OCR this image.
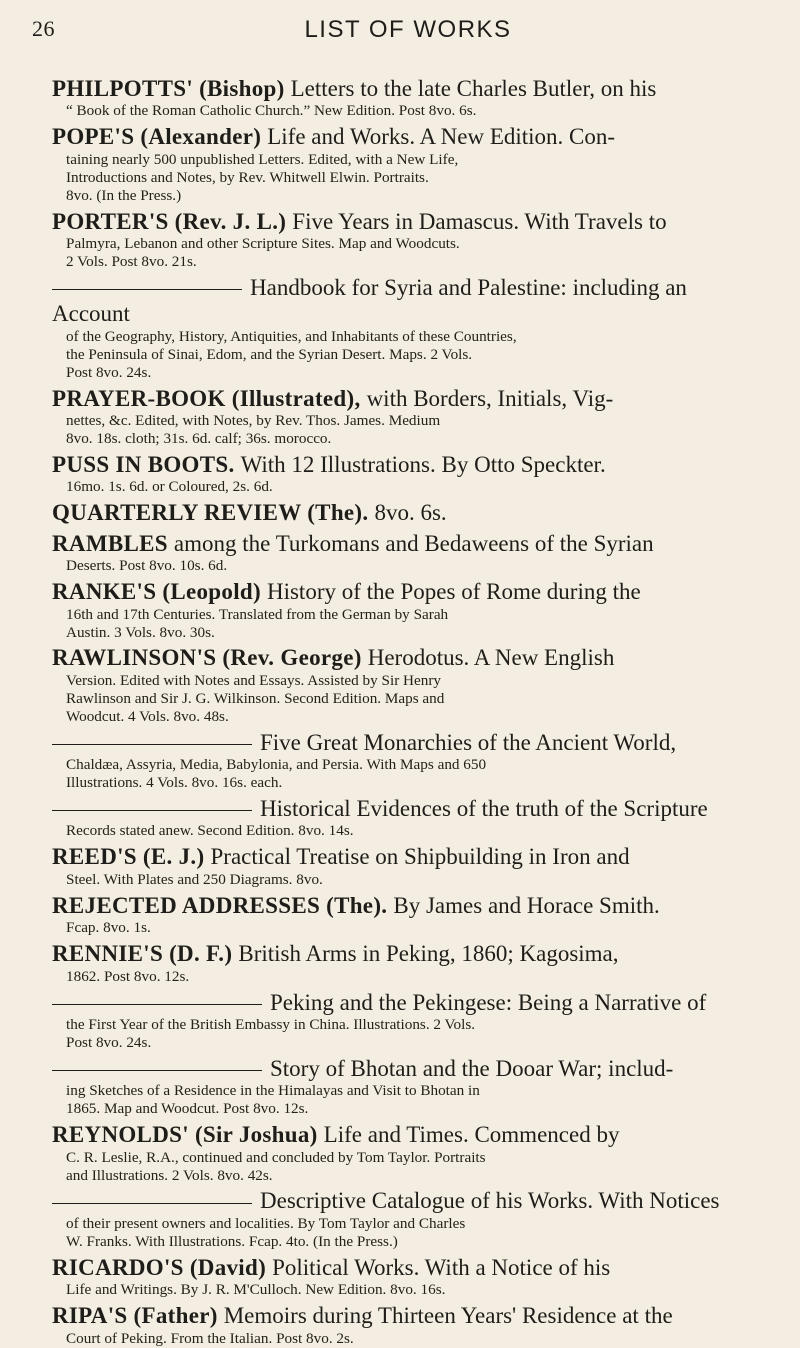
26	LIST OF WORKS
PHILPOTTS' (Bishop) Letters to the late Charles Butler, on his
“ Book of the Roman Catholic Church.” New Edition. Post 8vo. 6s.
POPE'S (Alexander) Life and Works. A New Edition. Con-
taining nearly 500 unpublished Letters. Edited, with a New Life,
Introductions and Notes, by Rev. Whitwell Elwin. Portraits.
8vo. (In the Press.)
PORTER'S (Rev. J. L.) Five Years in Damascus. With Travels to
Palmyra, Lebanon and other Scripture Sites. Map and Woodcuts.
2 Vols. Post 8vo. 21s.
Handbook for Syria and Palestine: including an Account
of the Geography, History, Antiquities, and Inhabitants of these Countries,
the Peninsula of Sinai, Edom, and the Syrian Desert. Maps. 2 Vols.
Post 8vo. 24s.
PRAYER-BOOK (Illustrated), with Borders, Initials, Vig-
nettes, &c. Edited, with Notes, by Rev. Thos. James. Medium
8vo. 18s. cloth; 31s. 6d. calf; 36s. morocco.
PUSS IN BOOTS. With 12 Illustrations. By Otto Speckter.
16mo. 1s. 6d. or Coloured, 2s. 6d.
QUARTERLY REVIEW (The). 8vo. 6s.
RAMBLES among the Turkomans and Bedaweens of the Syrian
Deserts. Post 8vo. 10s. 6d.
RANKE'S (Leopold) History of the Popes of Rome during the
16th and 17th Centuries. Translated from the German by Sarah
Austin. 3 Vols. 8vo. 30s.
RAWLINSON'S (Rev. George) Herodotus. A New English
Version. Edited with Notes and Essays. Assisted by Sir Henry
Rawlinson and Sir J. G. Wilkinson. Second Edition. Maps and
Woodcut. 4 Vols. 8vo. 48s.
Five Great Monarchies of the Ancient World,
Chaldæa, Assyria, Media, Babylonia, and Persia. With Maps and 650
Illustrations. 4 Vols. 8vo. 16s. each.
Historical Evidences of the truth of the Scripture
Records stated anew. Second Edition. 8vo. 14s.
REED'S (E. J.) Practical Treatise on Shipbuilding in Iron and
Steel. With Plates and 250 Diagrams. 8vo.
REJECTED ADDRESSES (The). By James and Horace Smith.
Fcap. 8vo. 1s.
RENNIE'S (D. F.) British Arms in Peking, 1860; Kagosima,
1862. Post 8vo. 12s.
Peking and the Pekingese: Being a Narrative of
the First Year of the British Embassy in China. Illustrations. 2 Vols.
Post 8vo. 24s.
Story of Bhotan and the Dooar War; includ-
ing Sketches of a Residence in the Himalayas and Visit to Bhotan in
1865. Map and Woodcut. Post 8vo. 12s.
REYNOLDS' (Sir Joshua) Life and Times. Commenced by
C. R. Leslie, R.A., continued and concluded by Tom Taylor. Portraits
and Illustrations. 2 Vols. 8vo. 42s.
Descriptive Catalogue of his Works. With Notices
of their present owners and localities. By Tom Taylor and Charles
W. Franks. With Illustrations. Fcap. 4to. (In the Press.)
RICARDO'S (David) Political Works. With a Notice of his
Life and Writings. By J. R. M'Culloch. New Edition. 8vo. 16s.
RIPA'S (Father) Memoirs during Thirteen Years' Residence at the
Court of Peking. From the Italian. Post 8vo. 2s.
